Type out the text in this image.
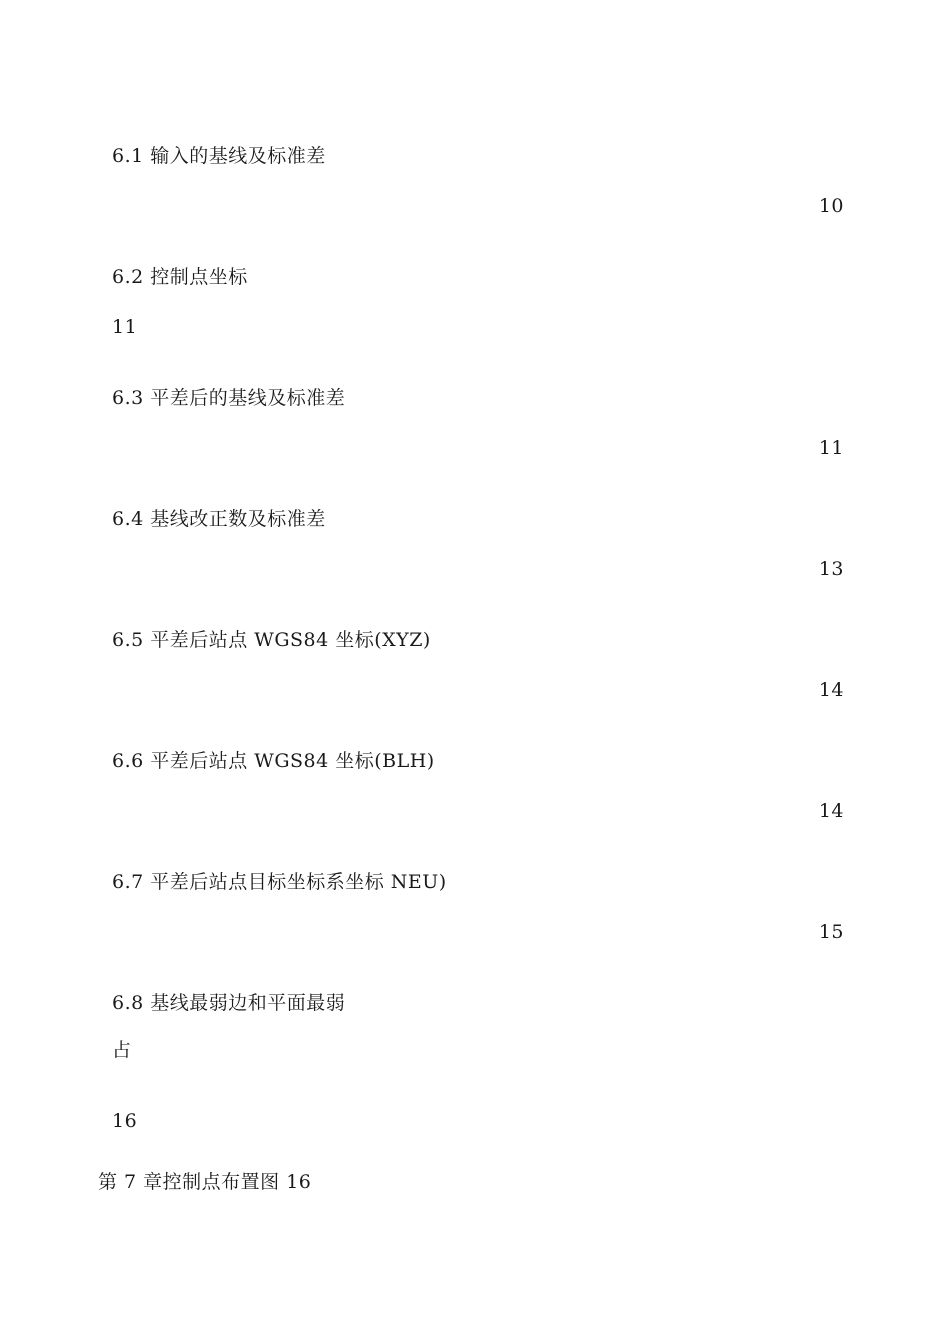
6.1 输入的基线及标准差
10
6.2 控制点坐标
11
6.3 平差后的基线及标准差
11
6.4 基线改正数及标准差
13
6.5 平差后站点 WGS84 坐标(XYZ)
14
6.6 平差后站点 WGS84 坐标(BLH)
14
6.7 平差后站点目标坐标系坐标 NEU)
15
6.8 基线最弱边和平面最弱
占
16
第 7 章控制点布置图 16
